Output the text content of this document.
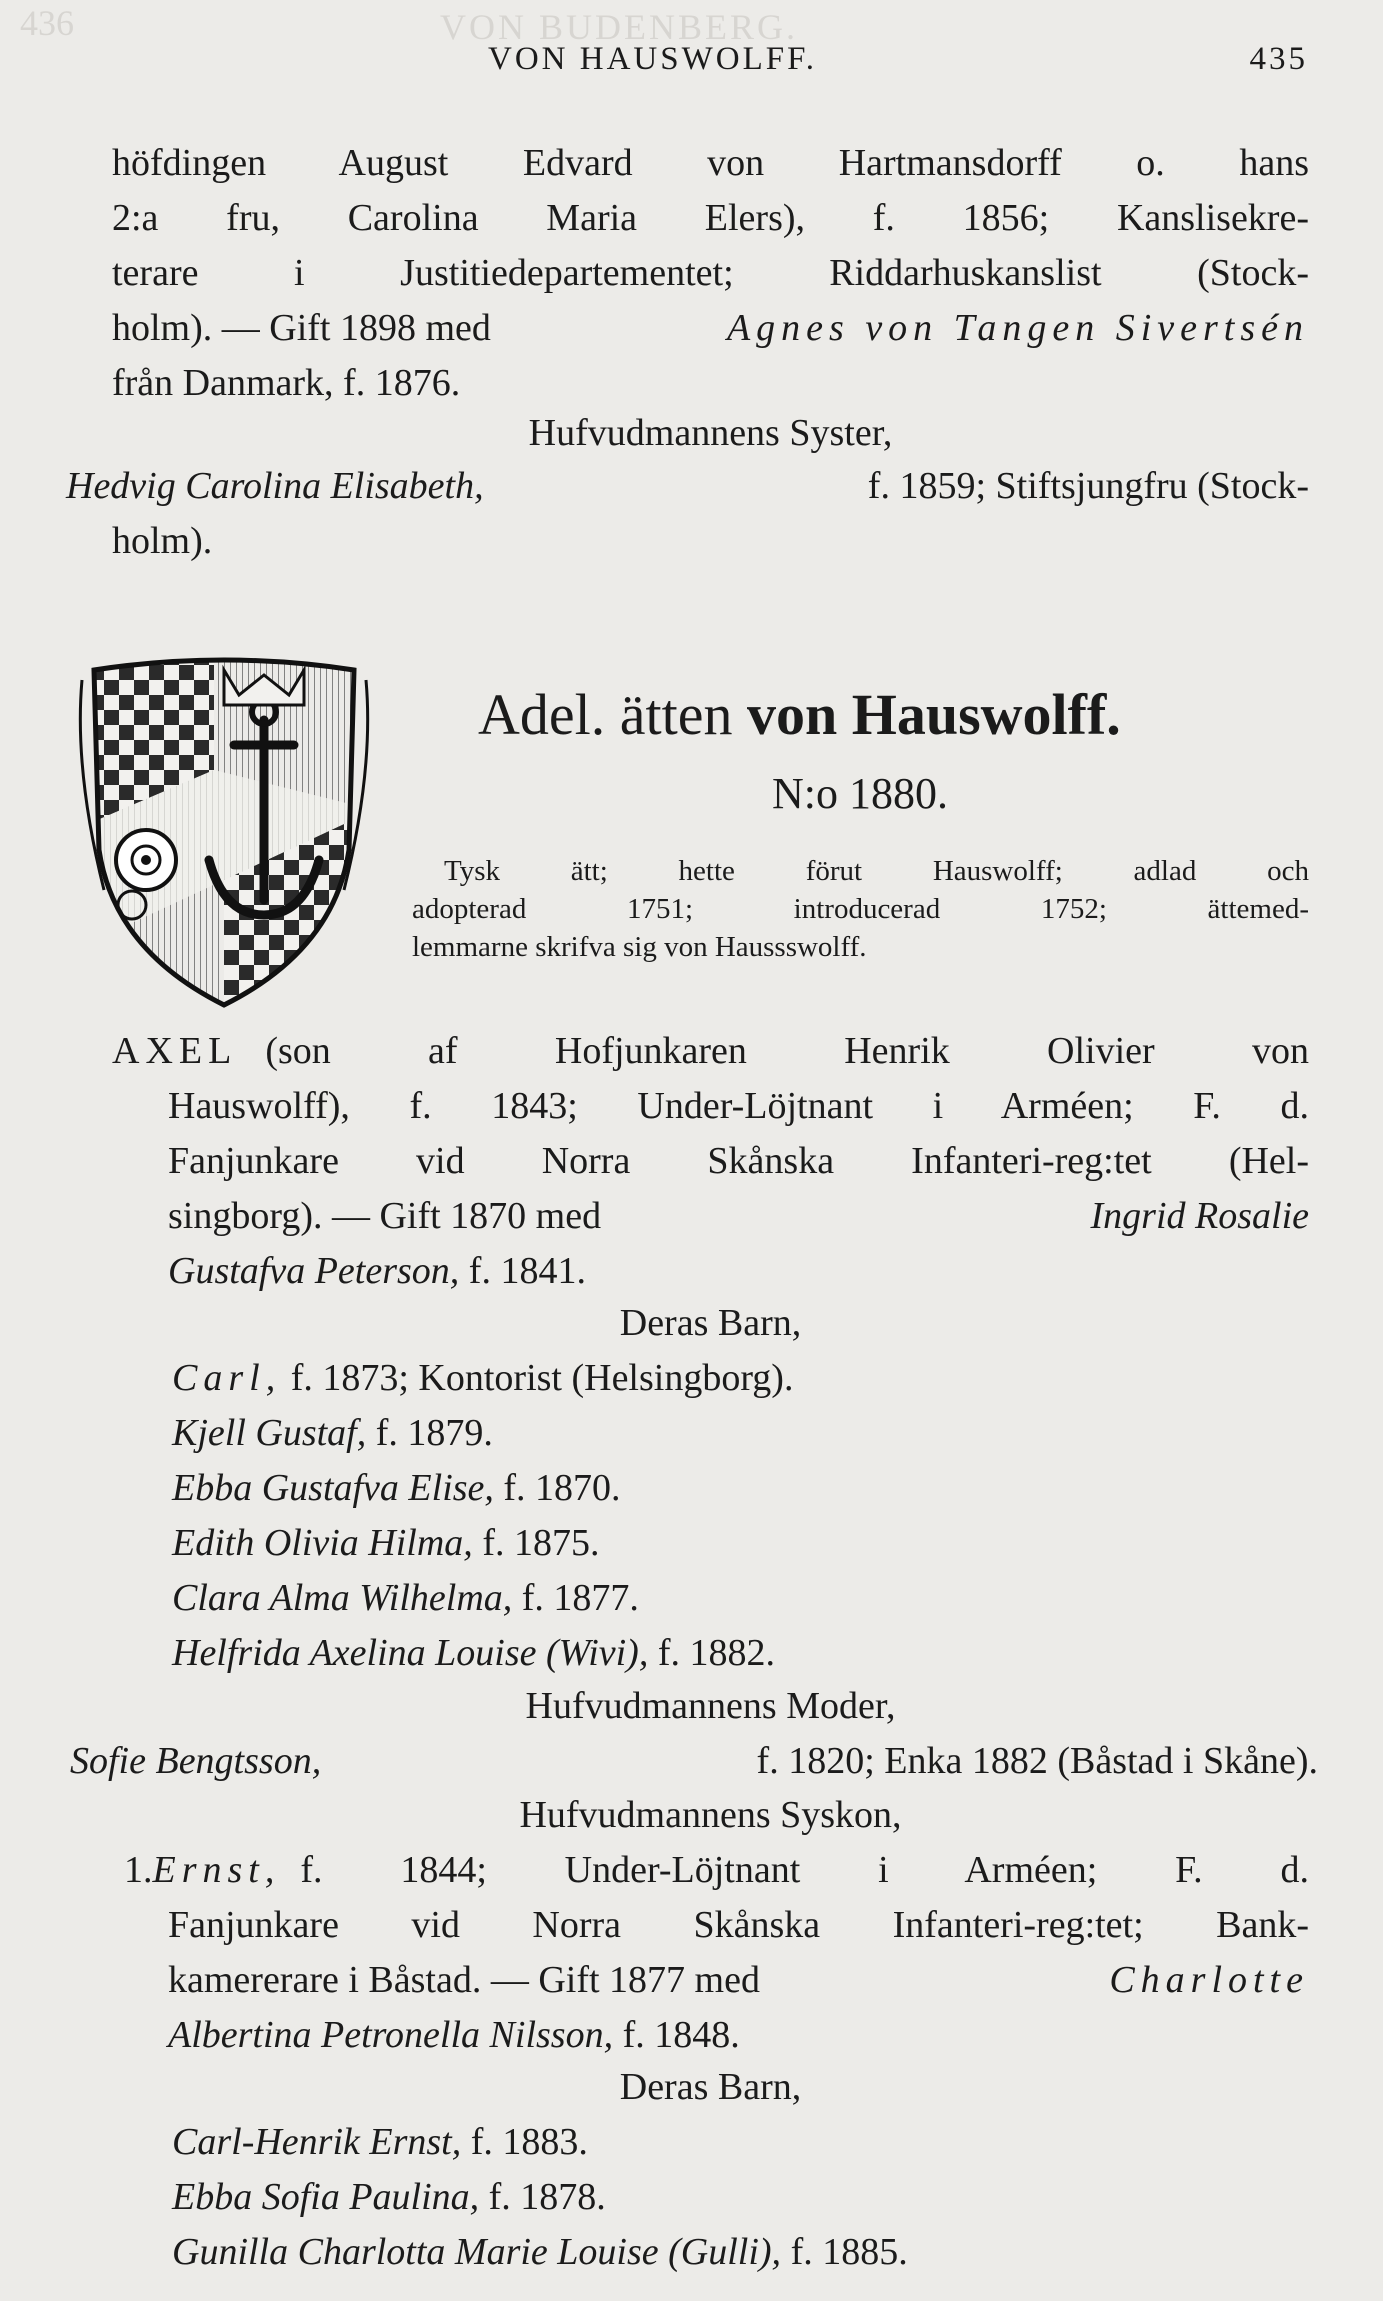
436	VON BUDENBERG.
VON HAUSWOLFF.	435
höfdingen August Edvard von Hartmansdorff o. hans
2:a fru, Carolina Maria Elers), f. 1856; Kanslisekre-
terare i Justitiedepartementet; Riddarhuskanslist (Stock-
holm). — Gift 1898 med	Agnes von Tangen Sivertsén
från Danmark, f. 1876.
Hufvudmannens Syster,
Hedvig Carolina Elisabeth,	f. 1859; Stiftsjungfru (Stock-
holm).
Adel. ätten von Hauswolff.
N:o 1880.
Tysk ätt; hette förut Hauswolff; adlad och
adopterad 1751; introducerad 1752; ättemed-
lemmarne skrifva sig von Haussswolff.
AXEL (son af Hofjunkaren Henrik Olivier von
Hauswolff), f. 1843; Under-Löjtnant i Arméen; F. d.
Fanjunkare vid Norra Skånska Infanteri-reg:tet (Hel-
singborg). — Gift 1870 med	Ingrid Rosalie
Gustafva Peterson, f. 1841.
Deras Barn,
Carl, f. 1873; Kontorist (Helsingborg).
Kjell Gustaf, f. 1879.
Ebba Gustafva Elise, f. 1870.
Edith Olivia Hilma, f. 1875.
Clara Alma Wilhelma, f. 1877.
Helfrida Axelina Louise (Wivi), f. 1882.
Hufvudmannens Moder,
Sofie Bengtsson,	f. 1820; Enka 1882 (Båstad i Skåne).
Hufvudmannens Syskon,
1. Ernst, f. 1844; Under-Löjtnant i Arméen; F. d.
Fanjunkare vid Norra Skånska Infanteri-reg:tet; Bank-
kamererare i Båstad. — Gift 1877 med	Charlotte
Albertina Petronella Nilsson, f. 1848.
Deras Barn,
Carl-Henrik Ernst, f. 1883.
Ebba Sofia Paulina, f. 1878.
Gunilla Charlotta Marie Louise (Gulli), f. 1885.
